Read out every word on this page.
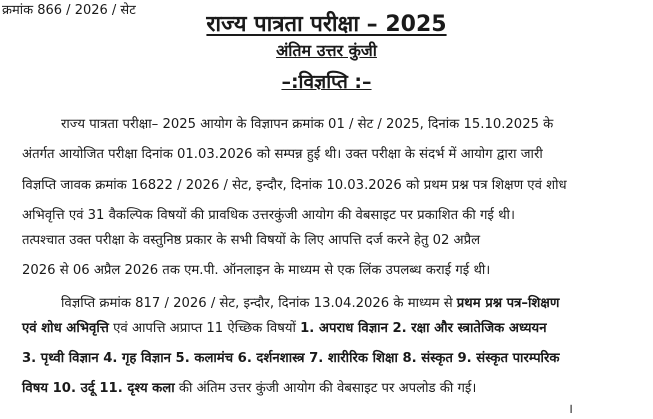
क्रमांक 866 / 2026 / सेट
राज्य पात्रता परीक्षा – 2025
अंतिम उत्तर कुंजी
–:विज्ञप्ति :–
राज्य पात्रता परीक्षा– 2025 आयोग के विज्ञापन क्रमांक 01 / सेट / 2025, दिनांक 15.10.2025 के
अंतर्गत आयोजित परीक्षा दिनांक 01.03.2026 को सम्पन्न हुई थी। उक्त परीक्षा के संदर्भ में आयोग द्वारा जारी
विज्ञप्ति जावक क्रमांक 16822 / 2026 / सेट, इन्दौर, दिनांक 10.03.2026 को प्रथम प्रश्न पत्र शिक्षण एवं शोध
अभिवृत्ति एवं 31 वैकल्पिक विषयों की प्रावधिक उत्तरकुंजी आयोग की वेबसाइट पर प्रकाशित की गई थी।
तत्पश्चात उक्त परीक्षा के वस्तुनिष्ठ प्रकार के सभी विषयों के लिए आपत्ति दर्ज करने हेतु 02 अप्रैल
2026 से 06 अप्रैल 2026 तक एम.पी. ऑनलाइन के माध्यम से एक लिंक उपलब्ध कराई गई थी।
विज्ञप्ति क्रमांक 817 / 2026 / सेट, इन्दौर, दिनांक 13.04.2026 के माध्यम से प्रथम प्रश्न पत्र–शिक्षण
एवं शोध अभिवृत्ति एवं आपत्ति अप्राप्त 11 ऐच्छिक विषयों 1. अपराध विज्ञान 2. रक्षा और स्त्रातेजिक अध्ययन
3. पृथ्वी विज्ञान 4. गृह विज्ञान 5. कलामंच 6. दर्शनशास्त्र 7. शारीरिक शिक्षा 8. संस्कृत 9. संस्कृत पारम्परिक
विषय 10. उर्दू 11. दृश्य कला की अंतिम उत्तर कुंजी आयोग की वेबसाइट पर अपलोड की गई।
।
